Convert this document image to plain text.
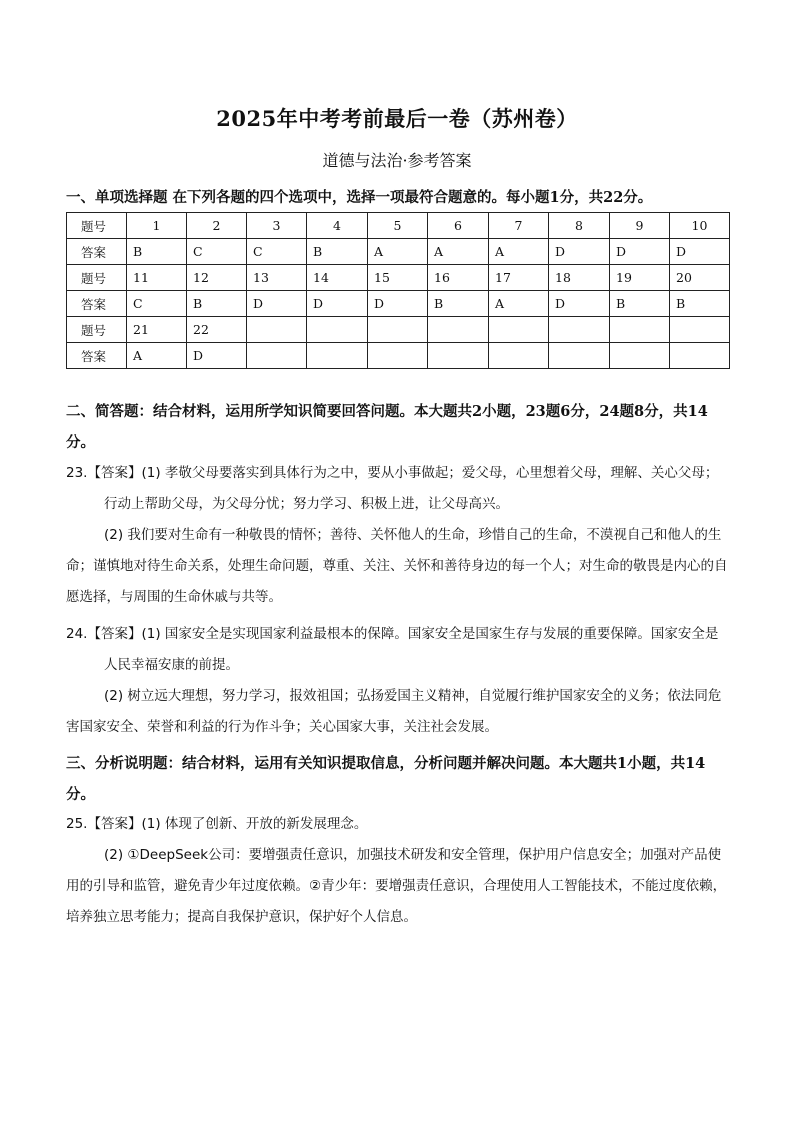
2025年中考考前最后一卷（苏州卷）
道德与法治·参考答案
一、单项选择题 在下列各题的四个选项中，选择一项最符合题意的。每小题1分，共22分。
题号	1	2	3	4	5	6	7	8	9	10
答案	B	C	C	B	A	A	A	D	D	D
题号	11	12	13	14	15	16	17	18	19	20
答案	C	B	D	D	D	B	A	D	B	B
题号	21	22								
答案	A	D								
二、简答题：结合材料，运用所学知识简要回答问题。本大题共2小题，23题6分，24题8分，共14分。
23.【答案】(1) 孝敬父母要落实到具体行为之中，要从小事做起；爱父母，心里想着父母，理解、关心父母；行动上帮助父母，为父母分忧；努力学习、积极上进，让父母高兴。
(2) 我们要对生命有一种敬畏的情怀；善待、关怀他人的生命，珍惜自己的生命，不漠视自己和他人的生命；谨慎地对待生命关系，处理生命问题，尊重、关注、关怀和善待身边的每一个人；对生命的敬畏是内心的自愿选择，与周围的生命休戚与共等。
24.【答案】(1) 国家安全是实现国家利益最根本的保障。国家安全是国家生存与发展的重要保障。国家安全是人民幸福安康的前提。
(2) 树立远大理想，努力学习，报效祖国；弘扬爱国主义精神，自觉履行维护国家安全的义务；依法同危害国家安全、荣誉和利益的行为作斗争；关心国家大事，关注社会发展。
三、分析说明题：结合材料，运用有关知识提取信息，分析问题并解决问题。本大题共1小题，共14分。
25.【答案】(1) 体现了创新、开放的新发展理念。
(2) ①DeepSeek公司：要增强责任意识，加强技术研发和安全管理，保护用户信息安全；加强对产品使用的引导和监管，避免青少年过度依赖。②青少年：要增强责任意识，合理使用人工智能技术，不能过度依赖，培养独立思考能力；提高自我保护意识，保护好个人信息。
